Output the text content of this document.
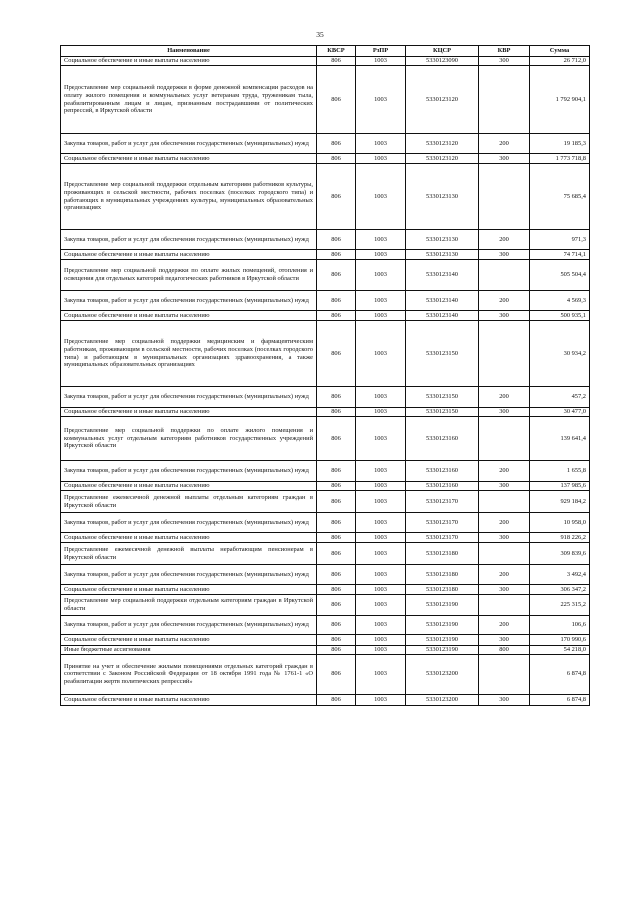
35
Наименование	КВСР	РзПР	КЦСР	КВР	Сумма
Социальное обеспечение и иные выплаты населению	806	1003	5330123090	300	26 712,0
Предоставление мер социальной поддержки в форме денежной компенсации расходов на оплату жилого помещения и коммунальных услуг ветеранам труда, труженикам тыла, реабилитированным лицам и лицам, признанным пострадавшими от политических репрессий, в Иркутской области	806	1003	5330123120		1 792 904,1
Закупка товаров, работ и услуг для обеспечения государственных (муниципальных) нужд	806	1003	5330123120	200	19 185,3
Социальное обеспечение и иные выплаты населению	806	1003	5330123120	300	1 773 718,8
Предоставление мер социальной поддержки отдельным категориям работников культуры, проживающих в сельской местности, рабочих поселках (поселках городского типа) и работающих в муниципальных учреждениях культуры, муниципальных образовательных организациях	806	1003	5330123130		75 685,4
Закупка товаров, работ и услуг для обеспечения государственных (муниципальных) нужд	806	1003	5330123130	200	971,3
Социальное обеспечение и иные выплаты населению	806	1003	5330123130	300	74 714,1
Предоставление мер социальной поддержки по оплате жилых помещений, отопления и освещения для отдельных категорий педагогических работников в Иркутской области	806	1003	5330123140		505 504,4
Закупка товаров, работ и услуг для обеспечения государственных (муниципальных) нужд	806	1003	5330123140	200	4 569,3
Социальное обеспечение и иные выплаты населению	806	1003	5330123140	300	500 935,1
Предоставление мер социальной поддержки медицинским и фармацевтическим работникам, проживающим в сельской местности, рабочих поселках (поселках городского типа) и работающим в муниципальных организациях здравоохранения, а также муниципальных образовательных организациях	806	1003	5330123150		30 934,2
Закупка товаров, работ и услуг для обеспечения государственных (муниципальных) нужд	806	1003	5330123150	200	457,2
Социальное обеспечение и иные выплаты населению	806	1003	5330123150	300	30 477,0
Предоставление мер социальной поддержки по оплате жилого помещения и коммунальных услуг отдельным категориям работников государственных учреждений Иркутской области	806	1003	5330123160		139 641,4
Закупка товаров, работ и услуг для обеспечения государственных (муниципальных) нужд	806	1003	5330123160	200	1 655,8
Социальное обеспечение и иные выплаты населению	806	1003	5330123160	300	137 985,6
Предоставление ежемесячной денежной выплаты отдельным категориям граждан в Иркутской области	806	1003	5330123170		929 184,2
Закупка товаров, работ и услуг для обеспечения государственных (муниципальных) нужд	806	1003	5330123170	200	10 958,0
Социальное обеспечение и иные выплаты населению	806	1003	5330123170	300	918 226,2
Предоставление ежемесячной денежной выплаты неработающим пенсионерам в Иркутской области	806	1003	5330123180		309 839,6
Закупка товаров, работ и услуг для обеспечения государственных (муниципальных) нужд	806	1003	5330123180	200	3 492,4
Социальное обеспечение и иные выплаты населению	806	1003	5330123180	300	306 347,2
Предоставление мер социальной поддержки отдельным категориям граждан в Иркутской области	806	1003	5330123190		225 315,2
Закупка товаров, работ и услуг для обеспечения государственных (муниципальных) нужд	806	1003	5330123190	200	106,6
Социальное обеспечение и иные выплаты населению	806	1003	5330123190	300	170 990,6
Иные бюджетные ассигнования	806	1003	5330123190	800	54 218,0
Принятие на учет и обеспечение жилыми помещениями отдельных категорий граждан в соответствии с Законом Российской Федерации от 18 октября 1991 года № 1761-1 «О реабилитации жертв политических репрессий»	806	1003	5330123200		6 874,8
Социальное обеспечение и иные выплаты населению	806	1003	5330123200	300	6 874,8
